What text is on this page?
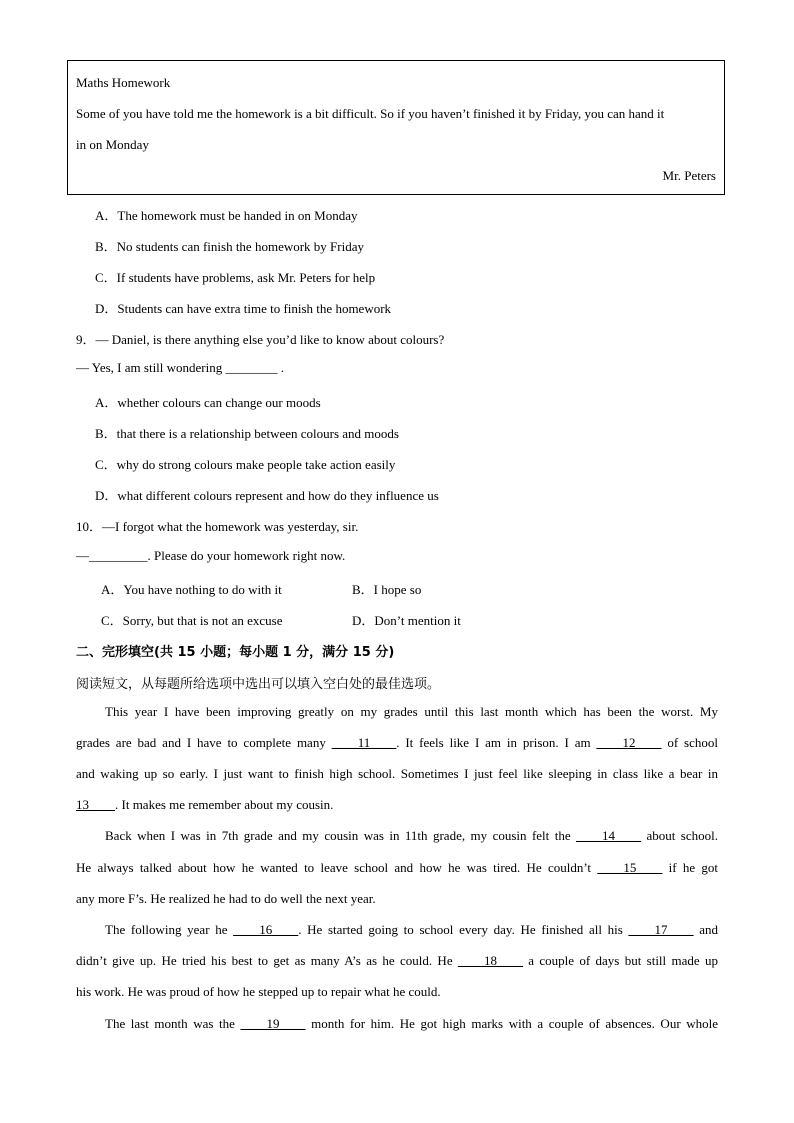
Maths Homework
Some of you have told me the homework is a bit difficult. So if you haven’t finished it by Friday, you can hand it
in on Monday
Mr. Peters
A．The homework must be handed in on Monday
B．No students can finish the homework by Friday
C．If students have problems, ask Mr. Peters for help
D．Students can have extra time to finish the homework
9．— Daniel, is there anything else you’d like to know about colours?
— Yes, I am still wondering ________ .
A．whether colours can change our moods
B．that there is a relationship between colours and moods
C．why do strong colours make people take action easily
D．what different colours represent and how do they influence us
10．—I forgot what the homework was yesterday, sir.
—_________. Please do your homework right now.
A．You have nothing to do with it	B．I hope so
C．Sorry, but that is not an excuse	D．Don’t mention it
二、完形填空(共 15 小题；每小题 1 分，满分 15 分)
阅读短文，从每题所给选项中选出可以填入空白处的最佳选项。
This year I have been improving greatly on my grades until this last month which has been the worst. My
grades are bad and I have to complete many ____11____. It feels like I am in prison. I am ____12____ of school
and waking up so early. I just want to finish high school. Sometimes I just feel like sleeping in class like a bear in
13____. It makes me remember about my cousin.
Back when I was in 7th grade and my cousin was in 11th grade, my cousin felt the ____14____ about school.
He always talked about how he wanted to leave school and how he was tired. He couldn’t ____15____ if he got
any more F’s. He realized he had to do well the next year.
The following year he ____16____. He started going to school every day. He finished all his ____17____ and
didn’t give up. He tried his best to get as many A’s as he could. He ____18____ a couple of days but still made up
his work. He was proud of how he stepped up to repair what he could.
The last month was the ____19____ month for him. He got high marks with a couple of absences. Our whole
